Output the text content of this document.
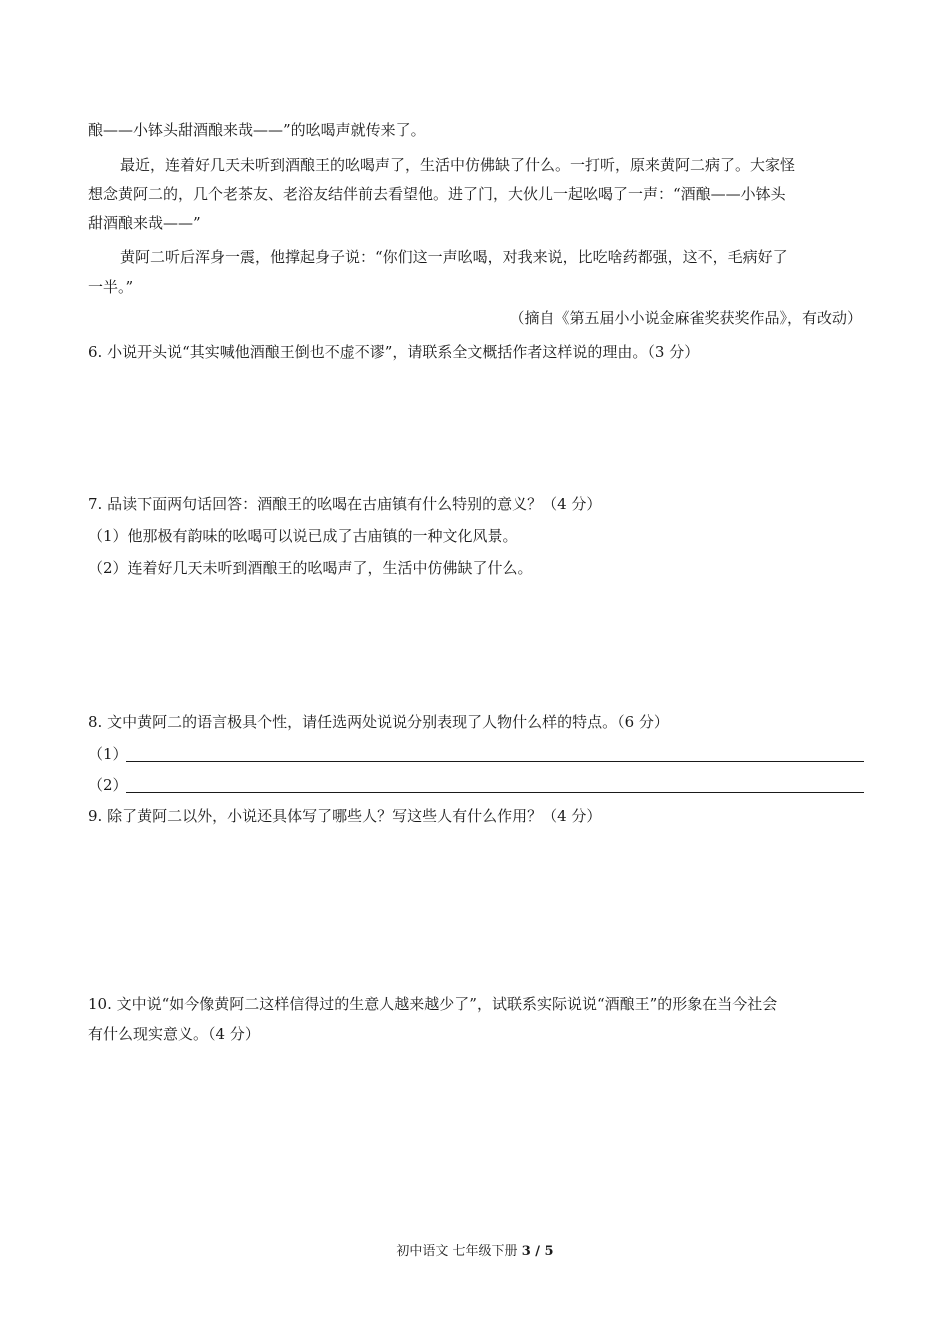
酿——小钵头甜酒酿来哉——”的吆喝声就传来了。
最近，连着好几天未听到酒酿王的吆喝声了，生活中仿佛缺了什么。一打听，原来黄阿二病了。大家怪
想念黄阿二的，几个老茶友、老浴友结伴前去看望他。进了门，大伙儿一起吆喝了一声：“酒酿——小钵头
甜酒酿来哉——”
黄阿二听后浑身一震，他撑起身子说：“你们这一声吆喝，对我来说，比吃啥药都强，这不，毛病好了
一半。”
（摘自《第五届小小说金麻雀奖获奖作品》，有改动）
6. 小说开头说“其实喊他酒酿王倒也不虚不谬”，请联系全文概括作者这样说的理由。（3 分）
7. 品读下面两句话回答：酒酿王的吆喝在古庙镇有什么特别的意义？（4 分）
（1）他那极有韵味的吆喝可以说已成了古庙镇的一种文化风景。
（2）连着好几天未听到酒酿王的吆喝声了，生活中仿佛缺了什么。
8. 文中黄阿二的语言极具个性，请任选两处说说分别表现了人物什么样的特点。（6 分）
（1）
（2）
9. 除了黄阿二以外，小说还具体写了哪些人？写这些人有什么作用？（4 分）
10. 文中说“如今像黄阿二这样信得过的生意人越来越少了”，试联系实际说说“酒酿王”的形象在当今社会
有什么现实意义。（4 分）
初中语文 七年级下册 3 / 5
